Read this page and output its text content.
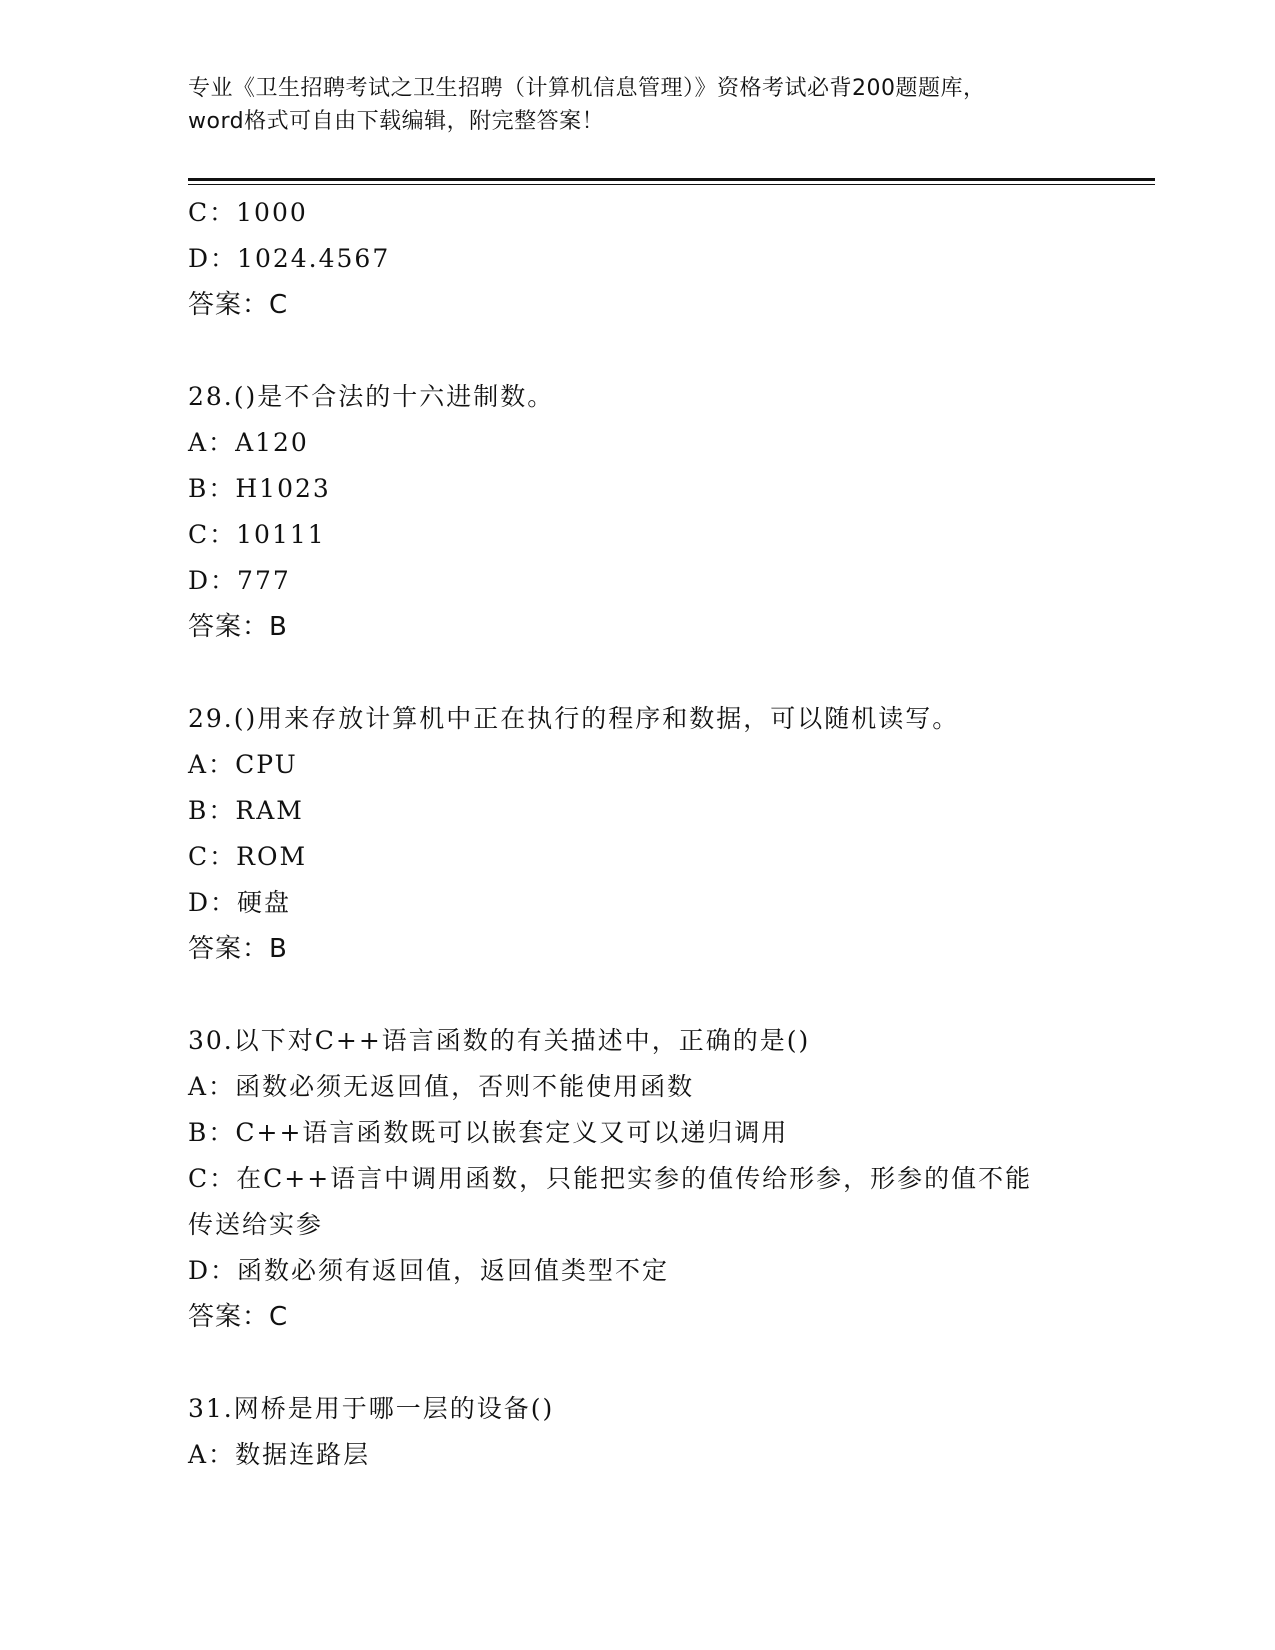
专业《卫生招聘考试之卫生招聘（计算机信息管理）》资格考试必背200题题库，
word格式可自由下载编辑，附完整答案！
C：1000
D：1024.4567
答案：C
28.()是不合法的十六进制数。
A：A120
B：H1023
C：10111
D：777
答案：B
29.()用来存放计算机中正在执行的程序和数据，可以随机读写。
A：CPU
B：RAM
C：ROM
D：硬盘
答案：B
30.以下对C++语言函数的有关描述中，正确的是()
A：函数必须无返回值，否则不能使用函数
B：C++语言函数既可以嵌套定义又可以递归调用
C：在C++语言中调用函数，只能把实参的值传给形参，形参的值不能
传送给实参
D：函数必须有返回值，返回值类型不定
答案：C
31.网桥是用于哪一层的设备()
A：数据连路层
